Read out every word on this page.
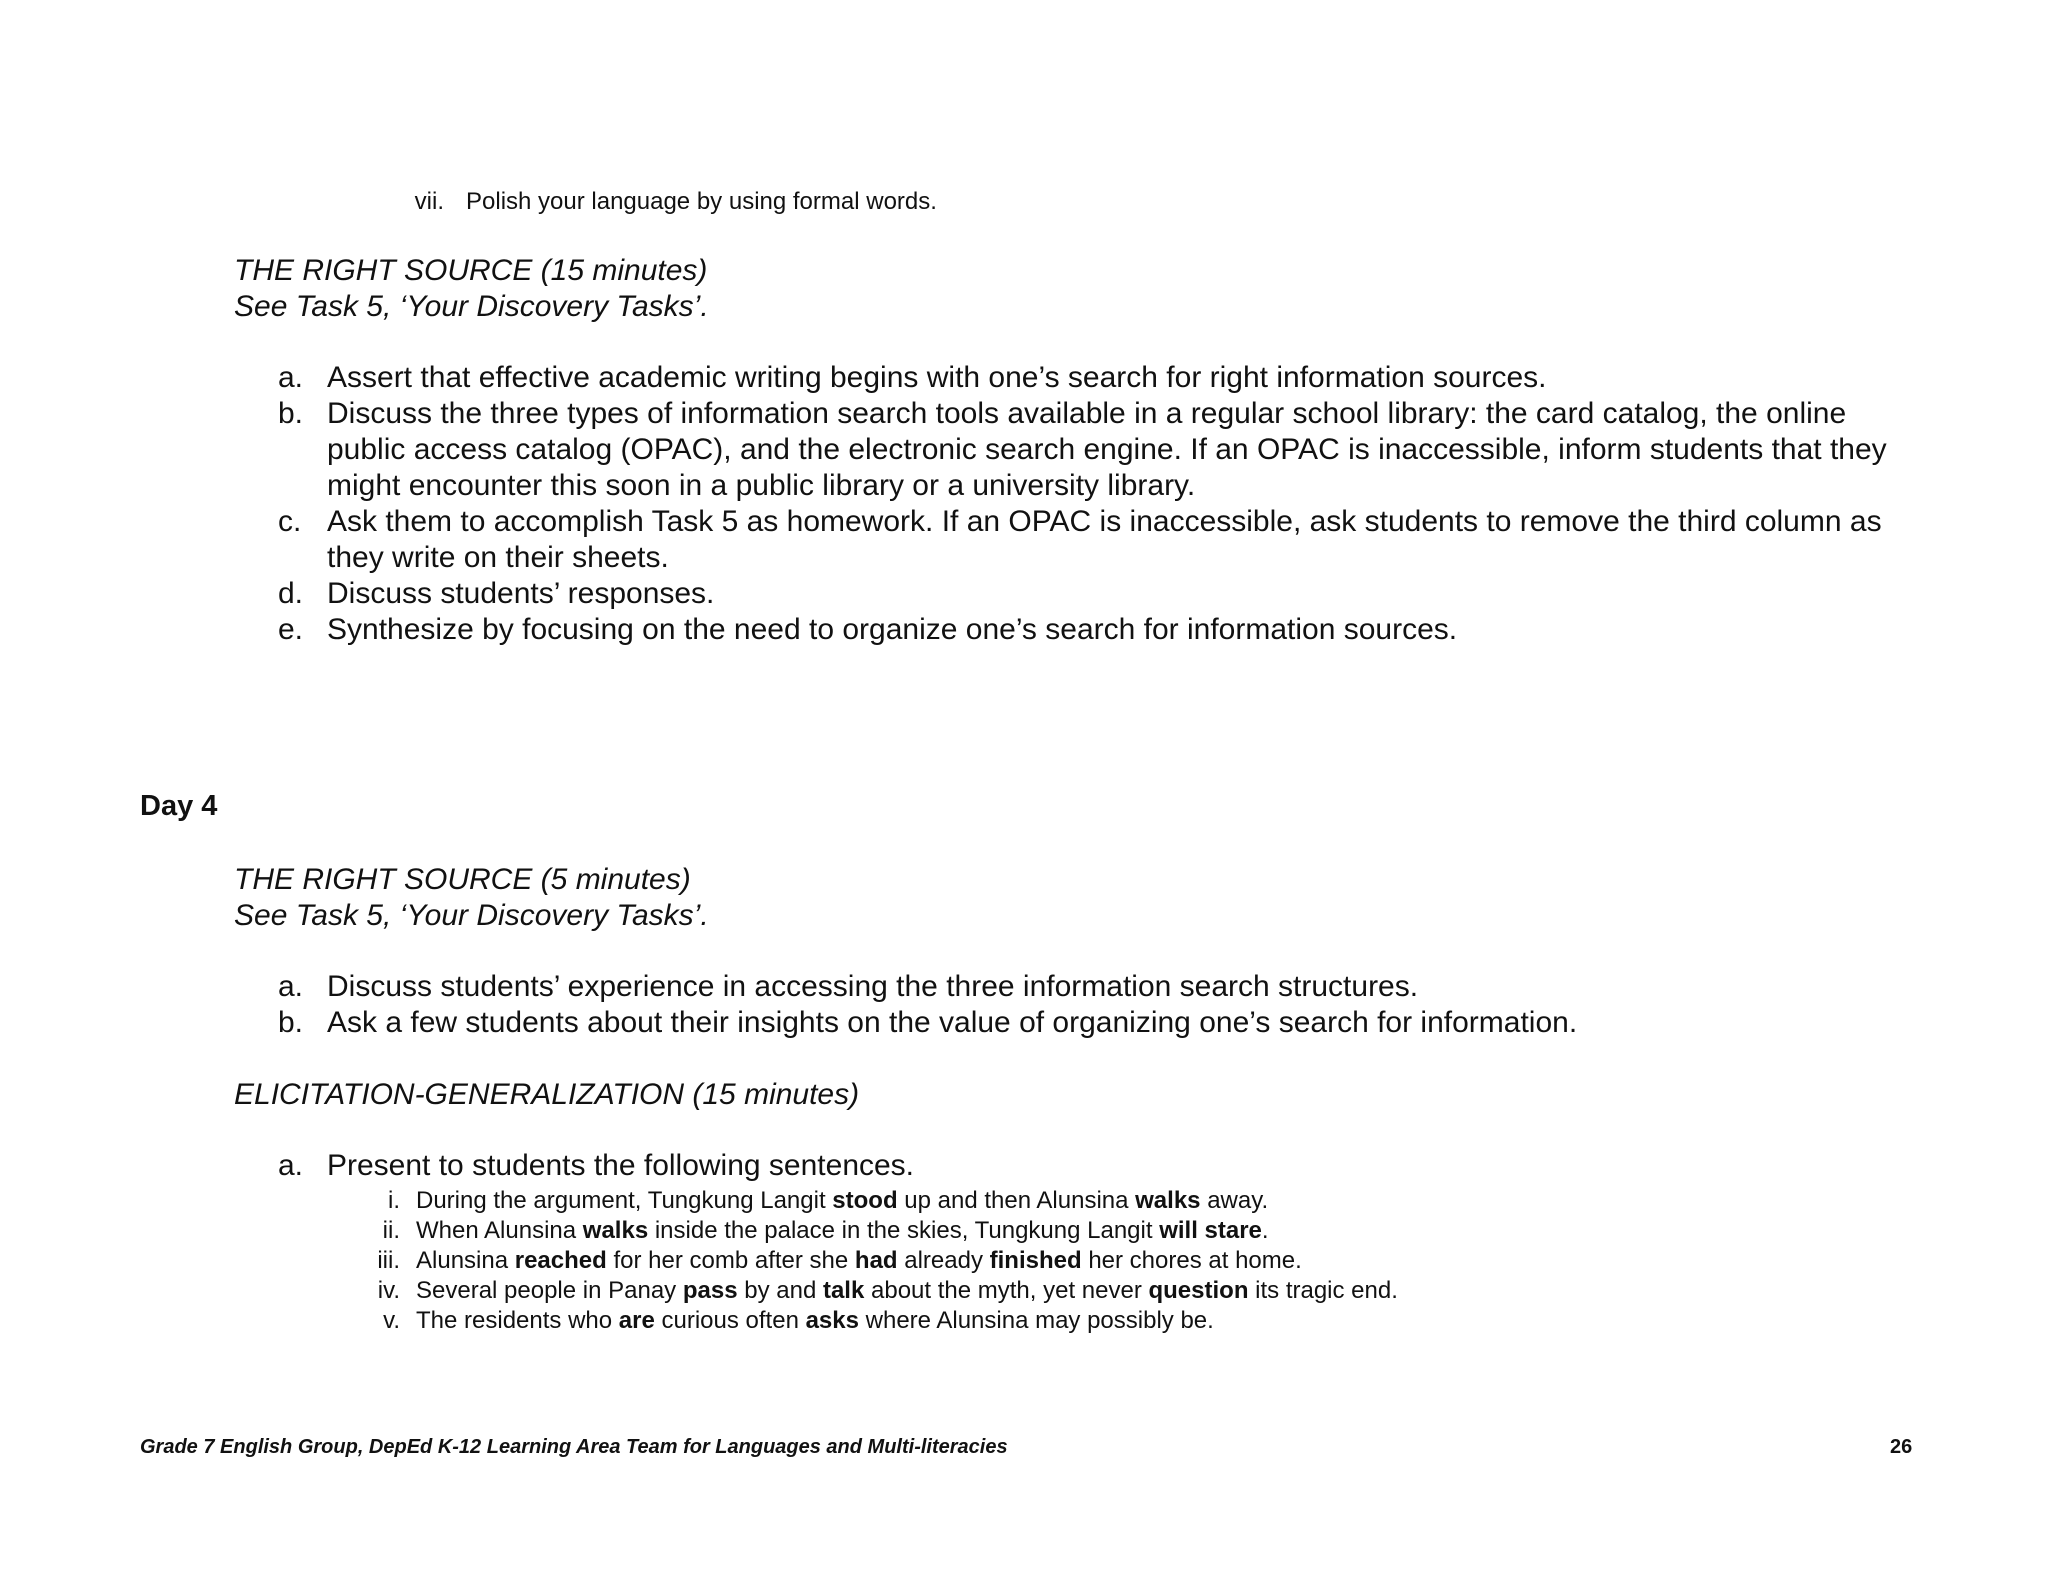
vii. Polish your language by using formal words.
THE RIGHT SOURCE (15 minutes)
See Task 5, ‘Your Discovery Tasks’.
a. Assert that effective academic writing begins with one’s search for right information sources.
b. Discuss the three types of information search tools available in a regular school library: the card catalog, the online public access catalog (OPAC), and the electronic search engine. If an OPAC is inaccessible, inform students that they might encounter this soon in a public library or a university library.
c. Ask them to accomplish Task 5 as homework. If an OPAC is inaccessible, ask students to remove the third column as they write on their sheets.
d. Discuss students’ responses.
e. Synthesize by focusing on the need to organize one’s search for information sources.
Day 4
THE RIGHT SOURCE (5 minutes)
See Task 5, ‘Your Discovery Tasks’.
a. Discuss students’ experience in accessing the three information search structures.
b. Ask a few students about their insights on the value of organizing one’s search for information.
ELICITATION-GENERALIZATION (15 minutes)
a. Present to students the following sentences.
i. During the argument, Tungkung Langit stood up and then Alunsina walks away.
ii. When Alunsina walks inside the palace in the skies, Tungkung Langit will stare.
iii. Alunsina reached for her comb after she had already finished her chores at home.
iv. Several people in Panay pass by and talk about the myth, yet never question its tragic end.
v. The residents who are curious often asks where Alunsina may possibly be.
Grade 7 English Group, DepEd K-12 Learning Area Team for Languages and Multi-literacies	26
